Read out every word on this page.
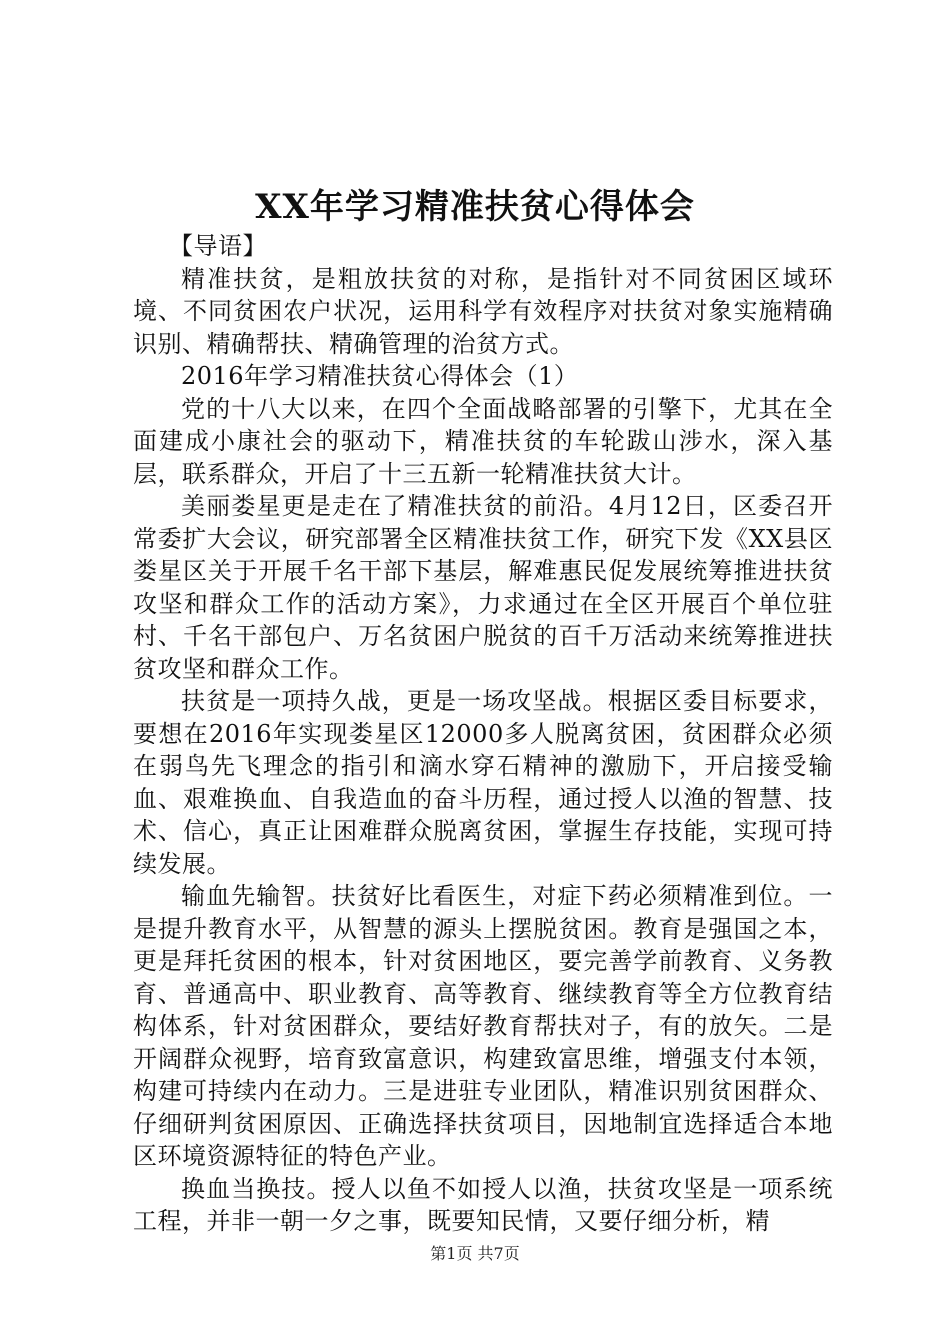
XX年学习精准扶贫心得体会

【导语】

精准扶贫，是粗放扶贫的对称，是指针对不同贫困区域环境、不同贫困农户状况，运用科学有效程序对扶贫对象实施精确识别、精确帮扶、精确管理的治贫方式。

2016年学习精准扶贫心得体会（1）

党的十八大以来，在四个全面战略部署的引擎下，尤其在全面建成小康社会的驱动下，精准扶贫的车轮跋山涉水，深入基层，联系群众，开启了十三五新一轮精准扶贫大计。

美丽娄星更是走在了精准扶贫的前沿。4月12日，区委召开常委扩大会议，研究部署全区精准扶贫工作，研究下发《XX县区娄星区关于开展千名干部下基层，解难惠民促发展统筹推进扶贫攻坚和群众工作的活动方案》，力求通过在全区开展百个单位驻村、千名干部包户、万名贫困户脱贫的百千万活动来统筹推进扶贫攻坚和群众工作。

扶贫是一项持久战，更是一场攻坚战。根据区委目标要求，要想在2016年实现娄星区12000多人脱离贫困，贫困群众必须在弱鸟先飞理念的指引和滴水穿石精神的激励下，开启接受输血、艰难换血、自我造血的奋斗历程，通过授人以渔的智慧、技术、信心，真正让困难群众脱离贫困，掌握生存技能，实现可持续发展。

输血先输智。扶贫好比看医生，对症下药必须精准到位。一是提升教育水平，从智慧的源头上摆脱贫困。教育是强国之本，更是拜托贫困的根本，针对贫困地区，要完善学前教育、义务教育、普通高中、职业教育、高等教育、继续教育等全方位教育结构体系，针对贫困群众，要结好教育帮扶对子，有的放矢。二是开阔群众视野，培育致富意识，构建致富思维，增强支付本领，构建可持续内在动力。三是进驻专业团队，精准识别贫困群众、仔细研判贫困原因、正确选择扶贫项目，因地制宜选择适合本地区环境资源特征的特色产业。

换血当换技。授人以鱼不如授人以渔，扶贫攻坚是一项系统工程，并非一朝一夕之事，既要知民情，又要仔细分析，精

第1页 共7页
